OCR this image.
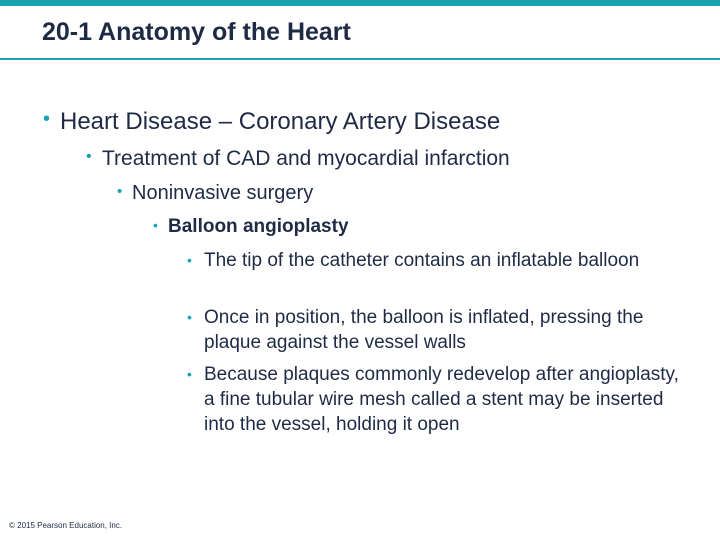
20-1 Anatomy of the Heart
• Heart Disease – Coronary Artery Disease
• Treatment of CAD and myocardial infarction
• Noninvasive surgery
• Balloon angioplasty
• The tip of the catheter contains an inflatable balloon
• Once in position, the balloon is inflated, pressing the plaque against the vessel walls
• Because plaques commonly redevelop after angioplasty, a fine tubular wire mesh called a stent may be inserted into the vessel, holding it open
© 2015 Pearson Education, Inc.
